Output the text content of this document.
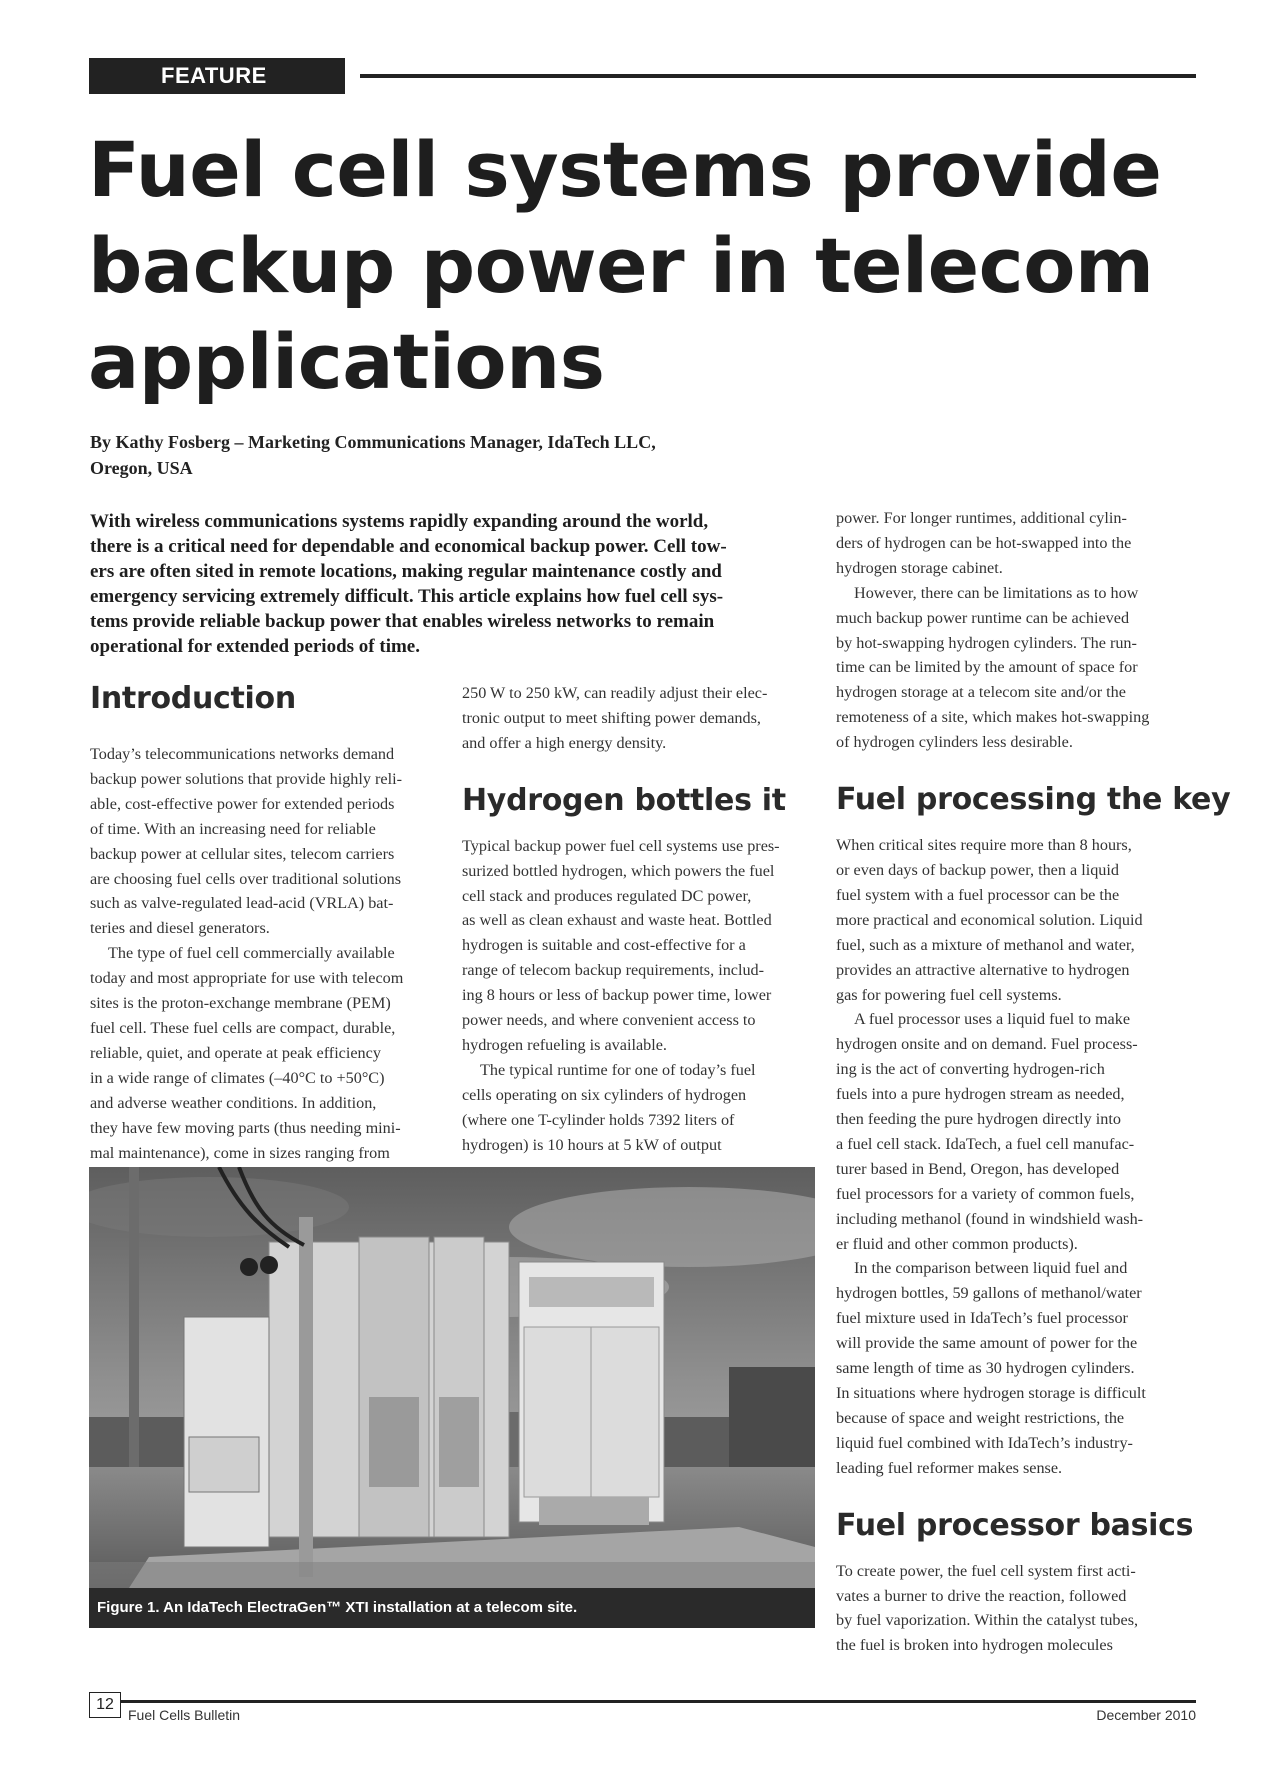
FEATURE
Fuel cell systems provide
backup power in telecom
applications
By Kathy Fosberg – Marketing Communications Manager, IdaTech LLC,
Oregon, USA
With wireless communications systems rapidly expanding around the world,
there is a critical need for dependable and economical backup power. Cell tow-
ers are often sited in remote locations, making regular maintenance costly and
emergency servicing extremely difficult. This article explains how fuel cell sys-
tems provide reliable backup power that enables wireless networks to remain
operational for extended periods of time.
Introduction
Today’s telecommunications networks demand
backup power solutions that provide highly reli-
able, cost-effective power for extended periods
of time. With an increasing need for reliable
backup power at cellular sites, telecom carriers
are choosing fuel cells over traditional solutions
such as valve-regulated lead-acid (VRLA) bat-
teries and diesel generators.
The type of fuel cell commercially available
today and most appropriate for use with telecom
sites is the proton-exchange membrane (PEM)
fuel cell. These fuel cells are compact, durable,
reliable, quiet, and operate at peak efficiency
in a wide range of climates (–40°C to +50°C)
and adverse weather conditions. In addition,
they have few moving parts (thus needing mini-
mal maintenance), come in sizes ranging from
250 W to 250 kW, can readily adjust their elec-
tronic output to meet shifting power demands,
and offer a high energy density.
Hydrogen bottles it
Typical backup power fuel cell systems use pres-
surized bottled hydrogen, which powers the fuel
cell stack and produces regulated DC power,
as well as clean exhaust and waste heat. Bottled
hydrogen is suitable and cost-effective for a
range of telecom backup requirements, includ-
ing 8 hours or less of backup power time, lower
power needs, and where convenient access to
hydrogen refueling is available.
The typical runtime for one of today’s fuel
cells operating on six cylinders of hydrogen
(where one T-cylinder holds 7392 liters of
hydrogen) is 10 hours at 5 kW of output
power. For longer runtimes, additional cylin-
ders of hydrogen can be hot-swapped into the
hydrogen storage cabinet.
However, there can be limitations as to how
much backup power runtime can be achieved
by hot-swapping hydrogen cylinders. The run-
time can be limited by the amount of space for
hydrogen storage at a telecom site and/or the
remoteness of a site, which makes hot-swapping
of hydrogen cylinders less desirable.
Fuel processing the key
When critical sites require more than 8 hours,
or even days of backup power, then a liquid
fuel system with a fuel processor can be the
more practical and economical solution. Liquid
fuel, such as a mixture of methanol and water,
provides an attractive alternative to hydrogen
gas for powering fuel cell systems.
A fuel processor uses a liquid fuel to make
hydrogen onsite and on demand. Fuel process-
ing is the act of converting hydrogen-rich
fuels into a pure hydrogen stream as needed,
then feeding the pure hydrogen directly into
a fuel cell stack. IdaTech, a fuel cell manufac-
turer based in Bend, Oregon, has developed
fuel processors for a variety of common fuels,
including methanol (found in windshield wash-
er fluid and other common products).
In the comparison between liquid fuel and
hydrogen bottles, 59 gallons of methanol/water
fuel mixture used in IdaTech’s fuel processor
will provide the same amount of power for the
same length of time as 30 hydrogen cylinders.
In situations where hydrogen storage is difficult
because of space and weight restrictions, the
liquid fuel combined with IdaTech’s industry-
leading fuel reformer makes sense.
Fuel processor basics
To create power, the fuel cell system first acti-
vates a burner to drive the reaction, followed
by fuel vaporization. Within the catalyst tubes,
the fuel is broken into hydrogen molecules
Figure 1. An IdaTech ElectraGen™ XTI installation at a telecom site.
12
Fuel Cells Bulletin	December 2010
